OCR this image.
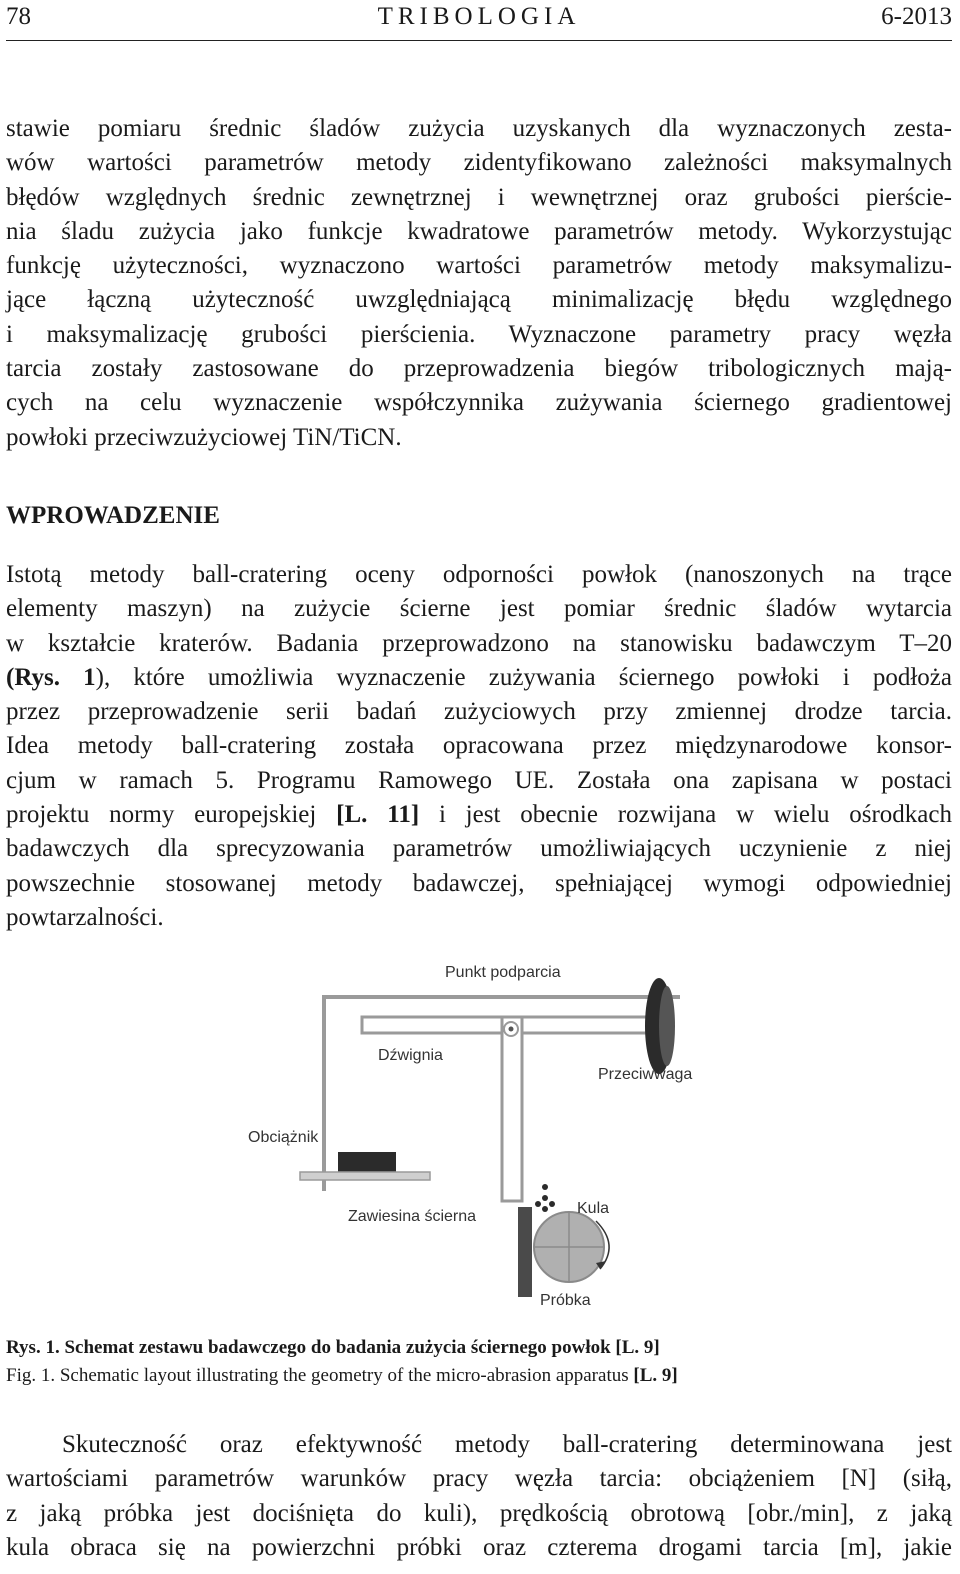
78	TRIBOLOGIA	6-2013

stawie pomiaru średnic śladów zużycia uzyskanych dla wyznaczonych zesta-
wów wartości parametrów metody zidentyfikowano zależności maksymalnych
błędów względnych średnic zewnętrznej i wewnętrznej oraz grubości pierście-
nia śladu zużycia jako funkcje kwadratowe parametrów metody. Wykorzystując
funkcję użyteczności, wyznaczono wartości parametrów metody maksymalizu-
jące łączną użyteczność uwzględniającą minimalizację błędu względnego
i maksymalizację grubości pierścienia. Wyznaczone parametry pracy węzła
tarcia zostały zastosowane do przeprowadzenia biegów tribologicznych mają-
cych na celu wyznaczenie współczynnika zużywania ściernego gradientowej
powłoki przeciwzużyciowej TiN/TiCN.

WPROWADZENIE

Istotą metody ball-cratering oceny odporności powłok (nanoszonych na trące
elementy maszyn) na zużycie ścierne jest pomiar średnic śladów wytarcia
w kształcie kraterów. Badania przeprowadzono na stanowisku badawczym T–20
(Rys. 1), które umożliwia wyznaczenie zużywania ściernego powłoki i podłoża
przez przeprowadzenie serii badań zużyciowych przy zmiennej drodze tarcia.
Idea metody ball-cratering została opracowana przez międzynarodowe konsor-
cjum w ramach 5. Programu Ramowego UE. Została ona zapisana w postaci
projektu normy europejskiej [L. 11] i jest obecnie rozwijana w wielu ośrodkach
badawczych dla sprecyzowania parametrów umożliwiających uczynienie z niej
powszechnie stosowanej metody badawczej, spełniającej wymogi odpowiedniej
powtarzalności.

Punkt podparcia
Dźwignia
Przeciwwaga
Obciążnik
Zawiesina ścierna	Kula
Próbka
Rys. 1. Schemat zestawu badawczego do badania zużycia ściernego powłok [L. 9]
Fig. 1. Schematic layout illustrating the geometry of the micro-abrasion apparatus [L. 9]

Skuteczność oraz efektywność metody ball-cratering determinowana jest
wartościami parametrów warunków pracy węzła tarcia: obciążeniem [N] (siłą,
z jaką próbka jest dociśnięta do kuli), prędkością obrotową [obr./min], z jaką
kula obraca się na powierzchni próbki oraz czterema drogami tarcia [m], jakie
